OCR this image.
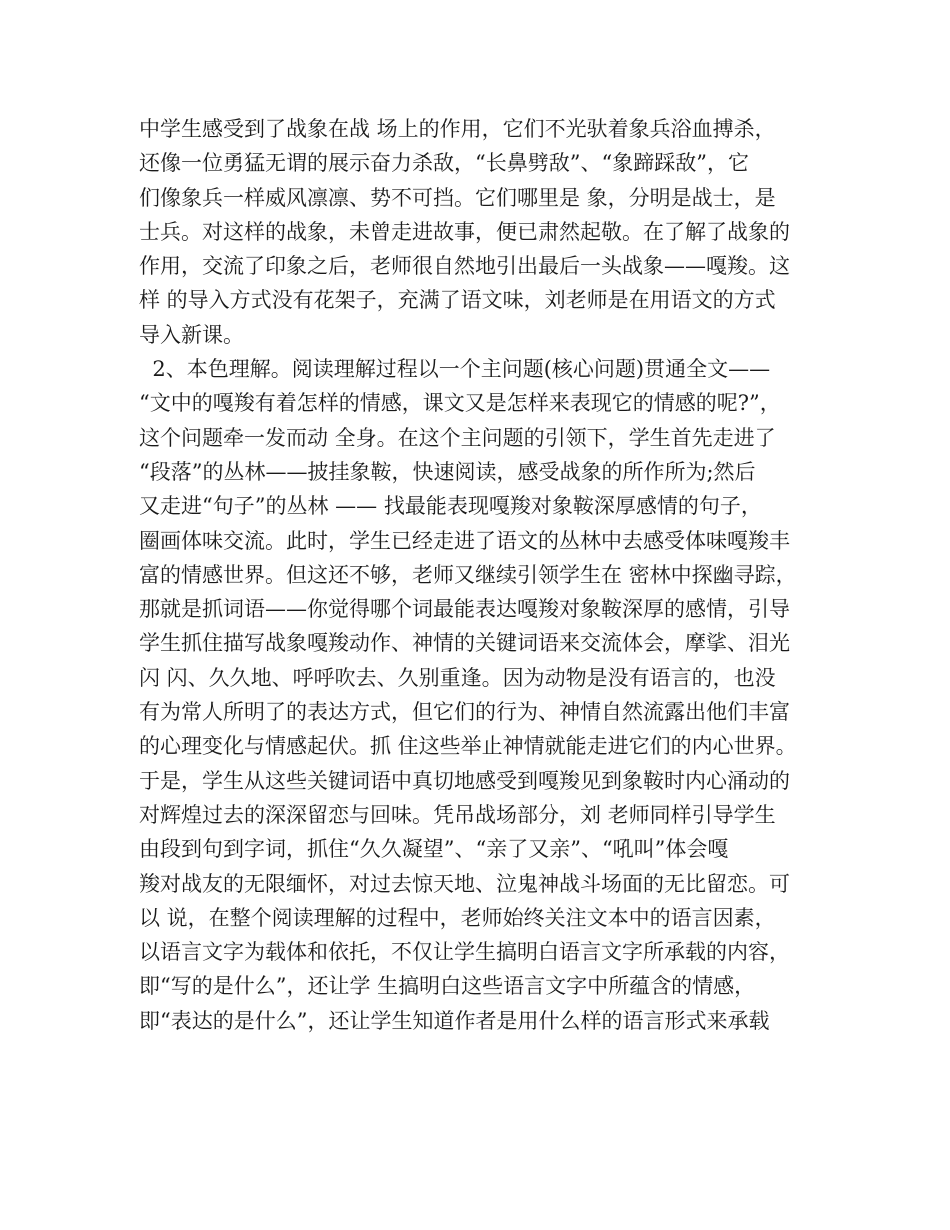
中学生感受到了战象在战 场上的作用，它们不光驮着象兵浴血搏杀，
还像一位勇猛无谓的展示奋力杀敌，“长鼻劈敌”、“象蹄踩敌”，它
们像象兵一样威风凛凛、势不可挡。它们哪里是 象，分明是战士，是
士兵。对这样的战象，未曾走进故事，便已肃然起敬。在了解了战象的
作用，交流了印象之后，老师很自然地引出最后一头战象——嘎羧。这
样 的导入方式没有花架子，充满了语文味，刘老师是在用语文的方式
导入新课。
2、本色理解。阅读理解过程以一个主问题(核心问题)贯通全文——
“文中的嘎羧有着怎样的情感，课文又是怎样来表现它的情感的呢?”，
这个问题牵一发而动 全身。在这个主问题的引领下，学生首先走进了
“段落”的丛林——披挂象鞍，快速阅读，感受战象的所作所为;然后
又走进“句子”的丛林 —— 找最能表现嘎羧对象鞍深厚感情的句子，
圈画体味交流。此时，学生已经走进了语文的丛林中去感受体味嘎羧丰
富的情感世界。但这还不够，老师又继续引领学生在 密林中探幽寻踪，
那就是抓词语——你觉得哪个词最能表达嘎羧对象鞍深厚的感情，引导
学生抓住描写战象嘎羧动作、神情的关键词语来交流体会，摩挲、泪光
闪 闪、久久地、呼呼吹去、久别重逢。因为动物是没有语言的，也没
有为常人所明了的表达方式，但它们的行为、神情自然流露出他们丰富
的心理变化与情感起伏。抓 住这些举止神情就能走进它们的内心世界。
于是，学生从这些关键词语中真切地感受到嘎羧见到象鞍时内心涌动的
对辉煌过去的深深留恋与回味。凭吊战场部分，刘 老师同样引导学生
由段到句到字词，抓住“久久凝望”、“亲了又亲”、“吼叫”体会嘎
羧对战友的无限缅怀，对过去惊天地、泣鬼神战斗场面的无比留恋。可
以 说，在整个阅读理解的过程中，老师始终关注文本中的语言因素，
以语言文字为载体和依托，不仅让学生搞明白语言文字所承载的内容，
即“写的是什么”，还让学 生搞明白这些语言文字中所蕴含的情感，
即“表达的是什么”，还让学生知道作者是用什么样的语言形式来承载
